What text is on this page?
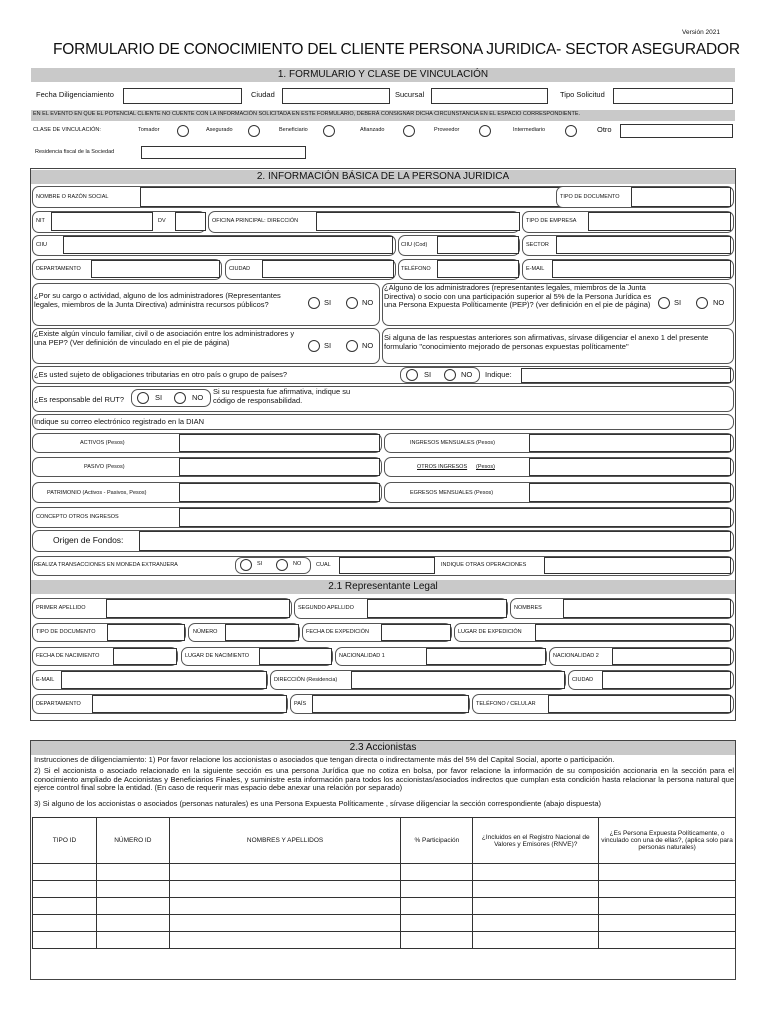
Versión 2021
FORMULARIO DE CONOCIMIENTO DEL CLIENTE PERSONA JURIDICA- SECTOR ASEGURADOR
1. FORMULARIO Y CLASE DE VINCULACIÓN
Fecha Diligenciamiento	Ciudad	Sucursal	Tipo Solicitud
EN EL EVENTO EN QUE EL POTENCIAL CLIENTE NO CUENTE CON LA INFORMACIÓN SOLICITADA EN ESTE FORMULARIO, DEBERÁ CONSIGNAR DICHA CIRCUNSTANCIA EN EL ESPACIO CORRESPONDIENTE.
CLASE DE VINCULACIÓN:	Tomador	Asegurado	Beneficiario	Afianzado	Proveedor	Intermediario	Otro
Residencia fiscal de la Sociedad
2. INFORMACIÓN BÁSICA DE LA PERSONA JURIDICA
NOMBRE O RAZÓN SOCIAL	TIPO DE DOCUMENTO
NIT	DV	OFICINA PRINCIPAL: DIRECCIÓN	TIPO DE EMPRESA
CIIU	CIIU (Cod)	SECTOR
DEPARTAMENTO	CIUDAD	TELÉFONO	E-MAIL
¿Por su cargo o actividad, alguno de los administradores (Representantes legales, miembros de la Junta Directiva) administra recursos públicos?	SI	NO
¿Alguno de los administradores (representantes legales, miembros de la Junta Directiva) o socio con una participación superior al 5% de la Persona Jurídica es una Persona Expuesta Políticamente (PEP)? (ver definición en el pie de página)	SI	NO
¿Existe algún vínculo familiar, civil o de asociación entre los administradores y una PEP? (Ver definición de vinculado en el pie de página)	SI	NO
Si alguna de las respuestas anteriores son afirmativas, sírvase diligenciar el anexo 1 del presente formulario "conocimiento mejorado de personas expuestas políticamente"
¿Es usted sujeto de obligaciones tributarias en otro país o grupo de países?	SI	NO Indique:
¿Es responsable del RUT?	SI	NO
Si su respuesta fue afirmativa, indique su código de responsabilidad.
Indique su correo electrónico registrado en la DIAN
ACTIVOS (Pesos)	INGRESOS MENSUALES (Pesos)
PASIVO (Pesos)	OTROS INGRESOS (Pesos)
PATRIMONIO (Activos - Pasivos, Pesos)	EGRESOS MENSUALES (Pesos)
CONCEPTO OTROS INGRESOS
Origen de Fondos:
REALIZA TRANSACCIONES EN MONEDA EXTRANJERA	SI	NO	CUAL	INDIQUE OTRAS OPERACIONES
2.1 Representante Legal
PRIMER APELLIDO	SEGUNDO APELLIDO	NOMBRES
TIPO DE DOCUMENTO	NÚMERO	FECHA DE EXPEDICIÓN	LUGAR DE EXPEDICIÓN
FECHA DE NACIMIENTO	LUGAR DE NACIMIENTO	NACIONALIDAD 1	NACIONALIDAD 2
E-MAIL	DIRECCIÓN (Residencia)	CIUDAD
DEPARTAMENTO	PAÍS	TELÉFONO / CELULAR
2.3 Accionistas
Instrucciones de diligenciamiento: 1) Por favor relacione los accionistas o asociados que tengan directa o indirectamente más del 5% del Capital Social, aporte o participación.
2) Si el accionista o asociado relacionado en la siguiente sección es una persona Jurídica que no cotiza en bolsa, por favor relacione la información de su composición accionaria en la sección para el conocimiento ampliado de Accionistas y Beneficiarios Finales, y suministre esta información para todos los accionistas/asociados indirectos que cumplan esta condición hasta relacionar la persona natural que ejerce control final sobre la entidad. (En caso de requerir mas espacio debe anexar una relación por separado)
3) Si alguno de los accionistas o asociados (personas naturales) es una Persona Expuesta Políticamente , sírvase diligenciar la sección correspondiente (abajo dispuesta)
TIPO ID	NÚMERO ID	NOMBRES Y APELLIDOS	% Participación	¿Incluidos en el Registro Nacional de Valores y Emisores (RNVE)?	¿Es Persona Expuesta Políticamente, o vinculado con una de ellas?, (aplica solo para personas naturales)
